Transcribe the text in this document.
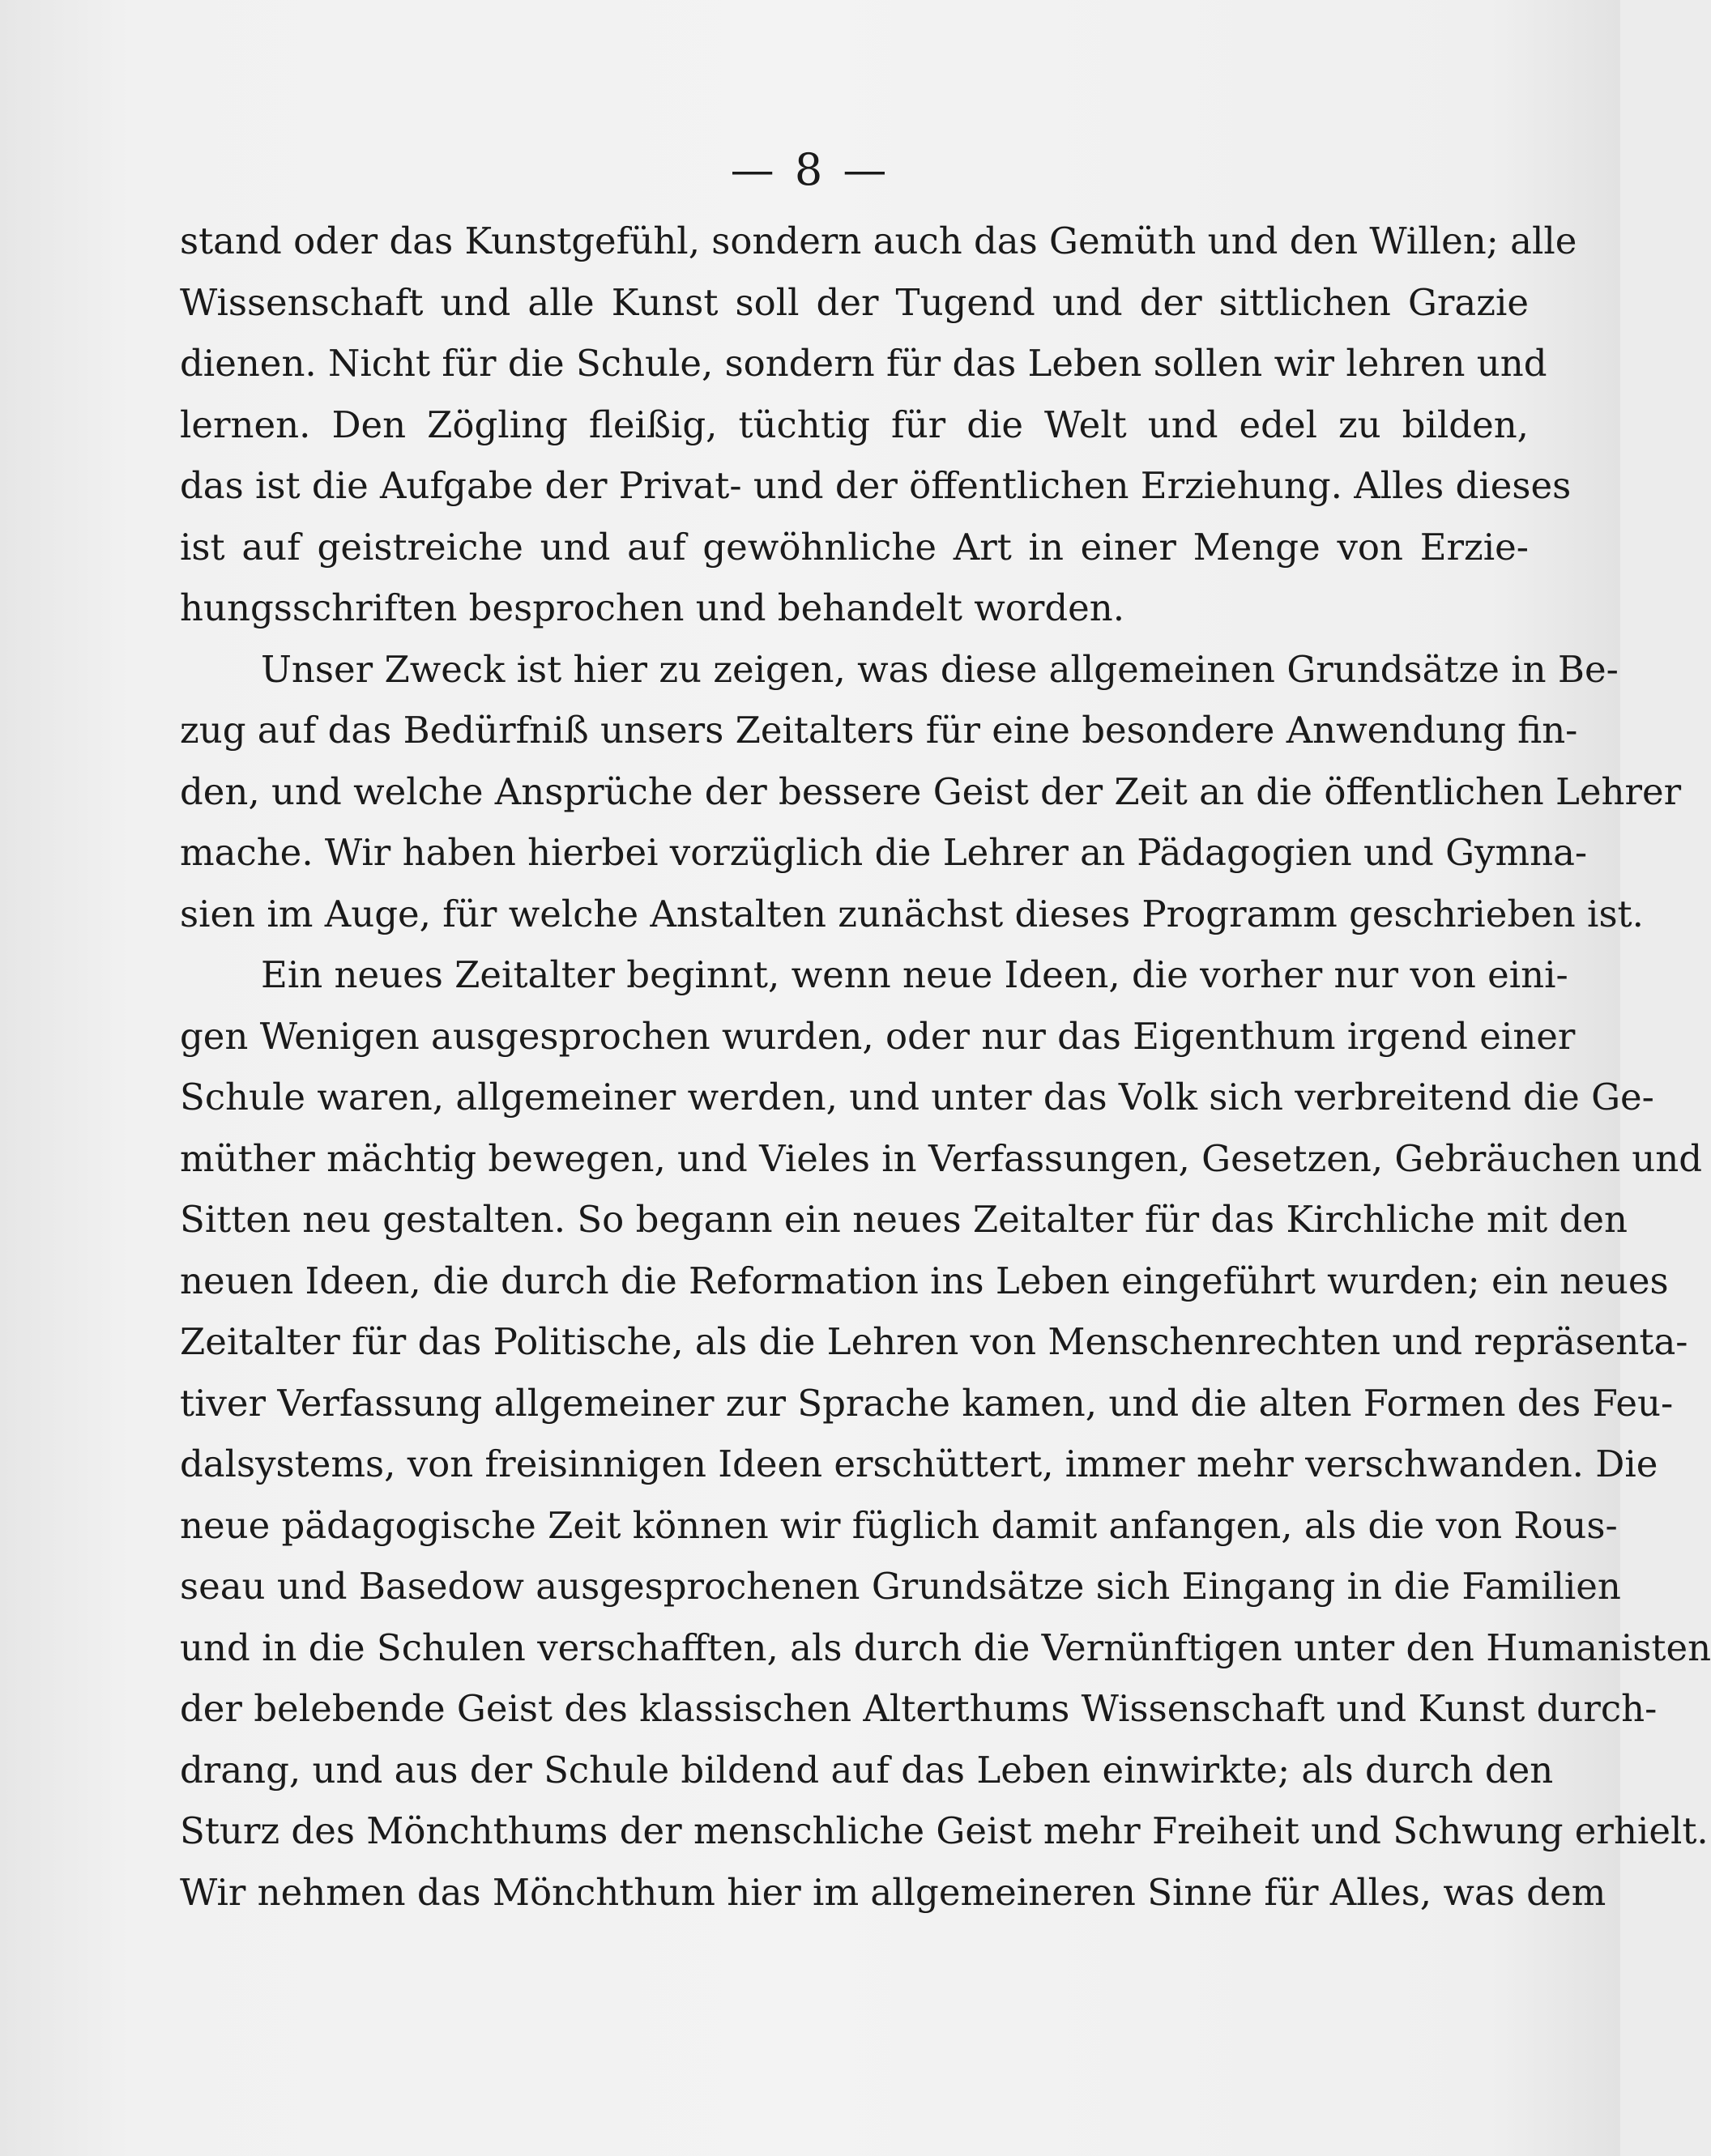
— 8 —
stand oder das Kunstgefühl, sondern auch das Gemüth und den Willen; alle
Wissenschaft und alle Kunst soll der Tugend und der sittlichen Grazie
dienen. Nicht für die Schule, sondern für das Leben sollen wir lehren und
lernen. Den Zögling fleißig, tüchtig für die Welt und edel zu bilden,
das ist die Aufgabe der Privat- und der öffentlichen Erziehung. Alles dieses
ist auf geistreiche und auf gewöhnliche Art in einer Menge von Erzie-
hungsschriften besprochen und behandelt worden.
Unser Zweck ist hier zu zeigen, was diese allgemeinen Grundsätze in Be-
zug auf das Bedürfniß unsers Zeitalters für eine besondere Anwendung fin-
den, und welche Ansprüche der bessere Geist der Zeit an die öffentlichen Lehrer
mache. Wir haben hierbei vorzüglich die Lehrer an Pädagogien und Gymna-
sien im Auge, für welche Anstalten zunächst dieses Programm geschrieben ist.
Ein neues Zeitalter beginnt, wenn neue Ideen, die vorher nur von eini-
gen Wenigen ausgesprochen wurden, oder nur das Eigenthum irgend einer
Schule waren, allgemeiner werden, und unter das Volk sich verbreitend die Ge-
müther mächtig bewegen, und Vieles in Verfassungen, Gesetzen, Gebräuchen und
Sitten neu gestalten. So begann ein neues Zeitalter für das Kirchliche mit den
neuen Ideen, die durch die Reformation ins Leben eingeführt wurden; ein neues
Zeitalter für das Politische, als die Lehren von Menschenrechten und repräsenta-
tiver Verfassung allgemeiner zur Sprache kamen, und die alten Formen des Feu-
dalsystems, von freisinnigen Ideen erschüttert, immer mehr verschwanden. Die
neue pädagogische Zeit können wir füglich damit anfangen, als die von Rous-
seau und Basedow ausgesprochenen Grundsätze sich Eingang in die Familien
und in die Schulen verschafften, als durch die Vernünftigen unter den Humanisten
der belebende Geist des klassischen Alterthums Wissenschaft und Kunst durch-
drang, und aus der Schule bildend auf das Leben einwirkte; als durch den
Sturz des Mönchthums der menschliche Geist mehr Freiheit und Schwung erhielt.
Wir nehmen das Mönchthum hier im allgemeineren Sinne für Alles, was dem
